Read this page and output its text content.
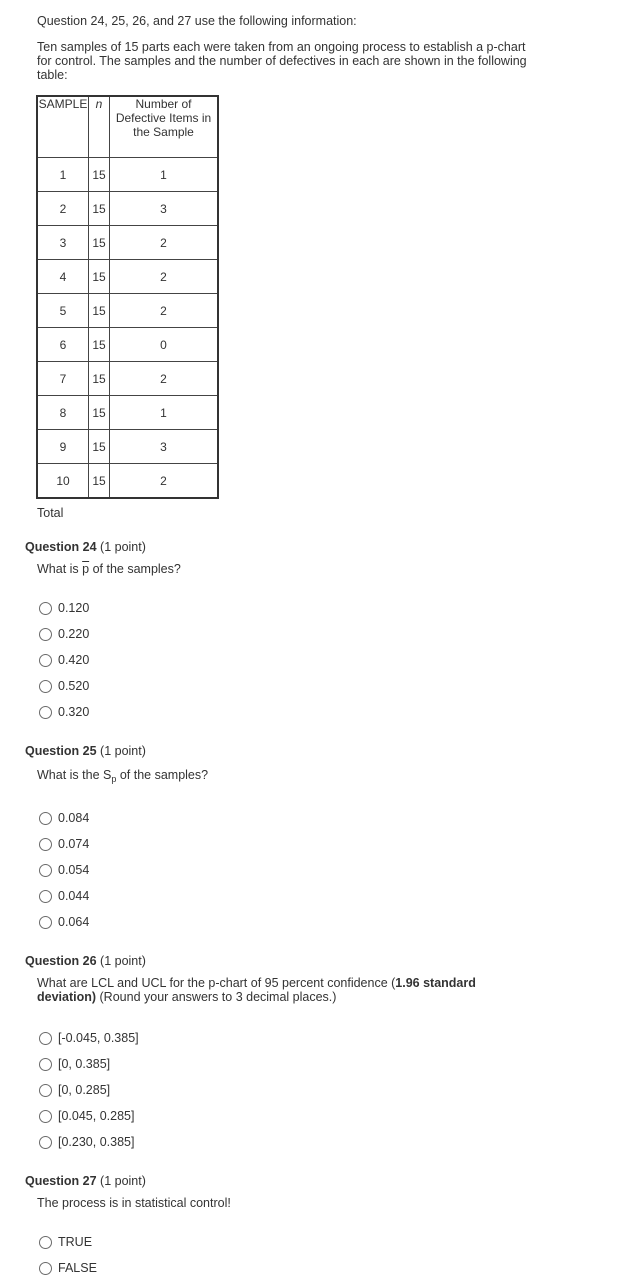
Question 24, 25, 26, and 27 use the following information:
Ten samples of 15 parts each were taken from an ongoing process to establish a p-chart for control. The samples and the number of defectives in each are shown in the following table:
SAMPLE	n	Number of
Defective Items in
the Sample
1	15	1
2	15	3
3	15	2
4	15	2
5	15	2
6	15	0
7	15	2
8	15	1
9	15	3
10	15	2
Total
Question 24 (1 point)
What is $\overline{p}$ of the samples?
0.120
0.220
0.420
0.520
0.320
Question 25 (1 point)
What is the $S_p$ of the samples?
0.084
0.074
0.054
0.044
0.064
Question 26 (1 point)
What are LCL and UCL for the p-chart of 95 percent confidence (1.96 standard deviation) (Round your answers to 3 decimal places.)
[-0.045, 0.385]
[0, 0.385]
[0, 0.285]
[0.045, 0.285]
[0.230, 0.385]
Question 27 (1 point)
The process is in statistical control!
TRUE
FALSE
